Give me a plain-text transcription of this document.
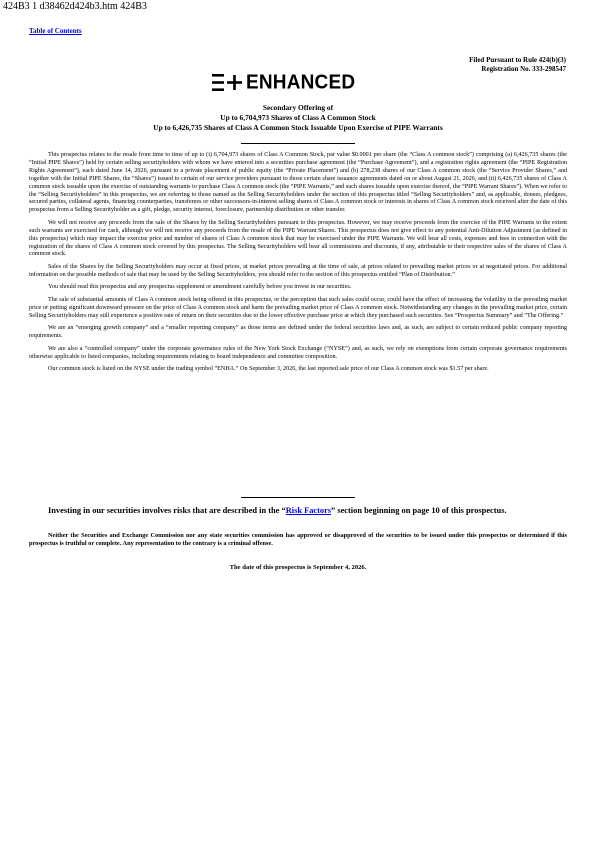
424B3 1 d38462d424b3.htm 424B3
Table of Contents
Filed Pursuant to Rule 424(b)(3)
Registration No. 333-298547
ENHANCED
Secondary Offering of
Up to 6,704,973 Shares of Class A Common Stock
Up to 6,426,735 Shares of Class A Common Stock Issuable Upon Exercise of PIPE Warrants

This prospectus relates to the resale from time to time of up to (i) 6,704,973 shares of Class A Common Stock, par value $0.0001 per share (the “Class A common stock”) comprising (a) 6,426,735 shares (the “Initial PIPE Shares”) held by certain selling securityholders with whom we have entered into a securities purchase agreement (the “Purchase Agreement”), and a registration rights agreement (the “PIPE Registration Rights Agreement”), each dated June 14, 2026, pursuant to a private placement of public equity (the “Private Placement”) and (b) 278,238 shares of our Class A common stock (the “Service Provider Shares,” and together with the Initial PIPE Shares, the “Shares”) issued to certain of our service providers pursuant to those certain share issuance agreements dated on or about August 21, 2026, and (ii) 6,426,735 shares of Class A common stock issuable upon the exercise of outstanding warrants to purchase Class A common stock (the “PIPE Warrants,” and such shares issuable upon exercise thereof, the “PIPE Warrant Shares”). When we refer to the “Selling Securityholders” in this prospectus, we are referring to those named as the Selling Securityholders under the section of this prospectus titled “Selling Securityholders” and, as applicable, donees, pledgees, secured parties, collateral agents, financing counterparties, transferees or other successors-in-interest selling shares of Class A common stock or interests in shares of Class A common stock received after the date of this prospectus from a Selling Securityholder as a gift, pledge, security interest, foreclosure, partnership distribution or other transfer.

We will not receive any proceeds from the sale of the Shares by the Selling Securityholders pursuant to this prospectus. However, we may receive proceeds from the exercise of the PIPE Warrants to the extent such warrants are exercised for cash, although we will not receive any proceeds from the resale of the PIPE Warrant Shares. This prospectus does not give effect to any potential Anti-Dilution Adjustment (as defined in this prospectus) which may impact the exercise price and number of shares of Class A common stock that may be exercised under the PIPE Warrants. We will bear all costs, expenses and fees in connection with the registration of the shares of Class A common stock covered by this prospectus. The Selling Securityholders will bear all commissions and discounts, if any, attributable to their respective sales of the shares of Class A common stock.

Sales of the Shares by the Selling Securityholders may occur at fixed prices, at market prices prevailing at the time of sale, at prices related to prevailing market prices or at negotiated prices. For additional information on the possible methods of sale that may be used by the Selling Securityholders, you should refer to the section of this prospectus entitled “Plan of Distribution.”

You should read this prospectus and any prospectus supplement or amendment carefully before you invest in our securities.

The sale of substantial amounts of Class A common stock being offered in this prospectus, or the perception that such sales could occur, could have the effect of increasing the volatility in the prevailing market price or putting significant downward pressure on the price of Class A common stock and harm the prevailing market price of Class A common stock. Notwithstanding any changes in the prevailing market price, certain Selling Securityholders may still experience a positive rate of return on their securities due to the lower effective purchase price at which they purchased such securities. See “Prospectus Summary” and “The Offering.”

We are an “emerging growth company” and a “smaller reporting company” as those terms are defined under the federal securities laws and, as such, are subject to certain reduced public company reporting requirements.

We are also a “controlled company” under the corporate governance rules of the New York Stock Exchange (“NYSE”) and, as such, we rely on exemptions from certain corporate governance requirements otherwise applicable to listed companies, including requirements relating to board independence and committee composition.

Our common stock is listed on the NYSE under the trading symbol “ENHA.” On September 3, 2026, the last reported sale price of our Class A common stock was $1.57 per share.

Investing in our securities involves risks that are described in the “Risk Factors” section beginning on page 10 of this prospectus.
Neither the Securities and Exchange Commission nor any state securities commission has approved or disapproved of the securities to be issued under this prospectus or determined if this prospectus is truthful or complete. Any representation to the contrary is a criminal offense.
The date of this prospectus is September 4, 2026.
